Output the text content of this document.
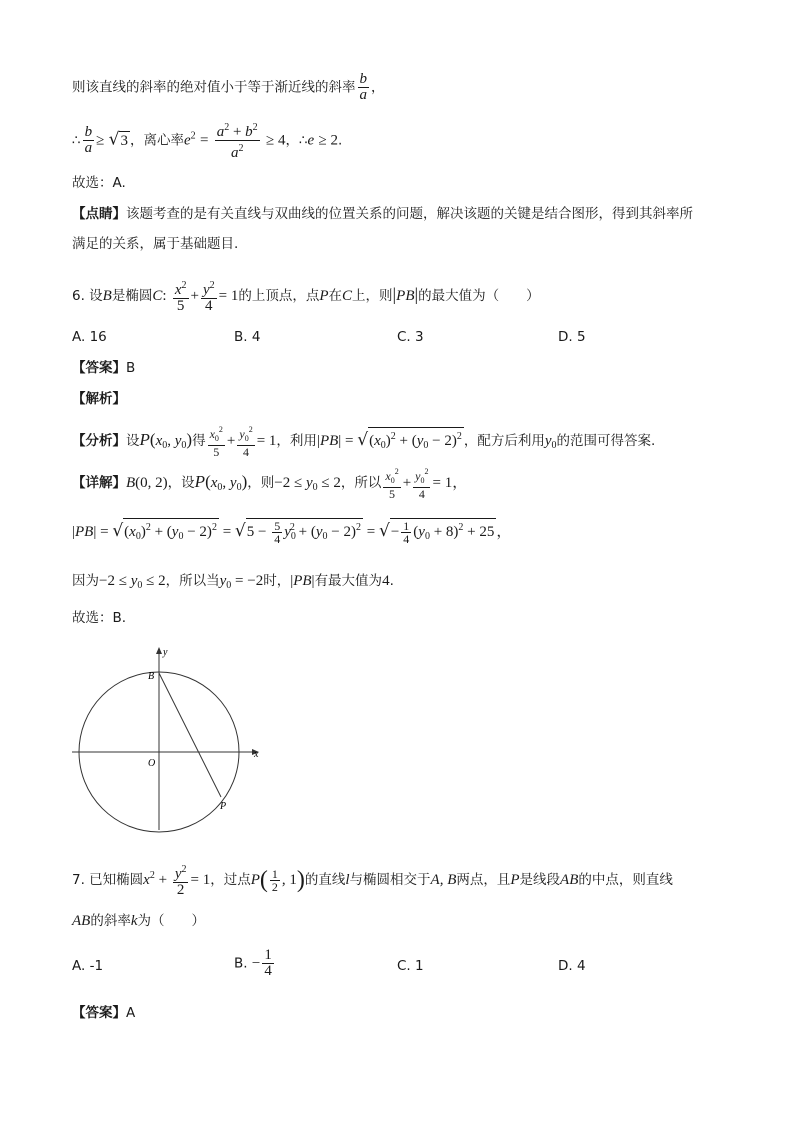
则该直线的斜率的绝对值小于等于渐近线的斜率 $\frac{b}{a}$ ，
∴ $\frac{b}{a} \ge √3$ ，离心率$e^2 = \frac{a^2 + b^2}{a^2} \ge 4$，∴e ≥ 2.
故选：A.
【点睛】该题考查的是有关直线与双曲线的位置关系的问题，解决该题的关键是结合图形，得到其斜率所
满足的关系，属于基础题目.
6. 设B是椭圆C: $\frac{x^2}{5} + \frac{y^2}{4} = 1$的上顶点，点P在C上，则|PB|的最大值为（　　）
A. 16	B. 4	C. 3	D. 5
【答案】B
【解析】
【分析】设$P(x_0$, $y_0$)得 $\frac{x_0^2}{5} + \frac{y_0^2}{4} = 1$，利用$|PB| = √(x_0)^2 + (y_0 - 2)^2$ ，配方后利用$y_0$的范围可得答案.
【详解】B(0, 2)，设$P(x_0$, $y_0$)，则$-2 \le y_0 \le 2$，所以 $\frac{x_0^2}{5} + \frac{y_0^2}{4} = 1$，
$|PB| = √(x_0)^2 + (y_0 - 2)^2 = √5 - \frac{5}{4} y_0^2 + (y_0 - 2)^2$ = √− $\frac{1}{4} (y_0 + 8)^2 + 25$ ，
因为$-2 \le y_0 \le 2$，所以当$y_0 = -2$时，|PB|有最大值为4.
故选：B.
y
x
B
O
P
7. 已知椭圆$x^2 + \frac{y^2}{2} = 1$，过点$P( \frac{1}{2}$ , 1)的直线l与椭圆相交于A, B两点，且P是线段AB的中点，则直线
AB的斜率k为（　　）
A. -1	B. − $\frac{1}{4}$	C. 1	D. 4
【答案】A
